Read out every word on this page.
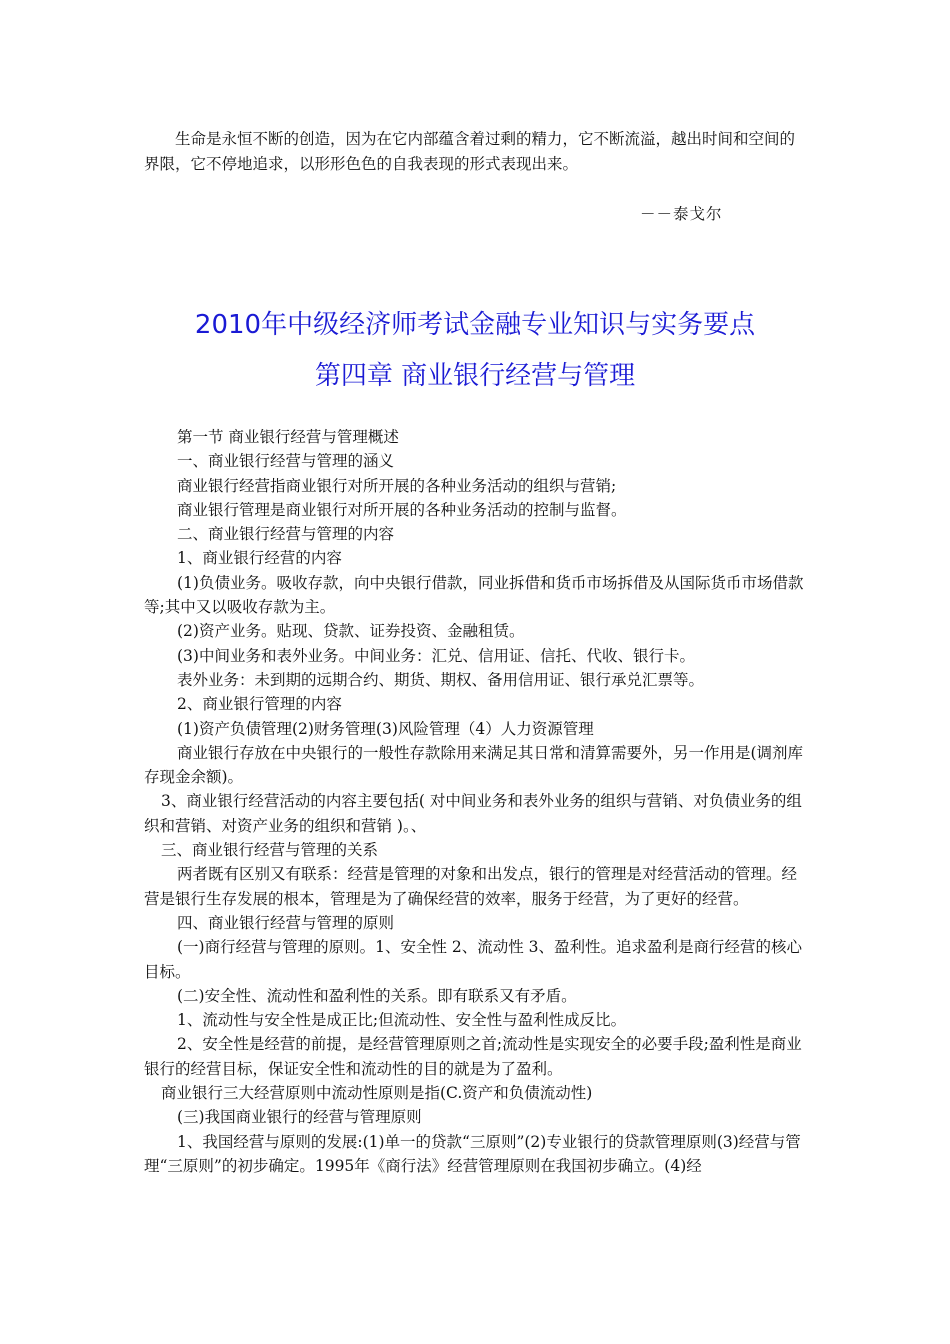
生命是永恒不断的创造，因为在它内部蕴含着过剩的精力，它不断流溢，越出时间和空间的界限，它不停地追求，以形形色色的自我表现的形式表现出来。
－－泰戈尔
2010年中级经济师考试金融专业知识与实务要点
第四章 商业银行经营与管理

第一节 商业银行经营与管理概述

一、商业银行经营与管理的涵义

商业银行经营指商业银行对所开展的各种业务活动的组织与营销;

商业银行管理是商业银行对所开展的各种业务活动的控制与监督。

二、商业银行经营与管理的内容

1、商业银行经营的内容

(1)负债业务。吸收存款，向中央银行借款，同业拆借和货币市场拆借及从国际货币市场借款等;其中又以吸收存款为主。

(2)资产业务。贴现、贷款、证券投资、金融租赁。

(3)中间业务和表外业务。中间业务：汇兑、信用证、信托、代收、银行卡。

表外业务：未到期的远期合约、期货、期权、备用信用证、银行承兑汇票等。

2、商业银行管理的内容

(1)资产负债管理(2)财务管理(3)风险管理（4）人力资源管理

商业银行存放在中央银行的一般性存款除用来满足其日常和清算需要外，另一作用是(调剂库存现金余额)。

3、商业银行经营活动的内容主要包括( 对中间业务和表外业务的组织与营销、对负债业务的组织和营销、对资产业务的组织和营销 )。、

三、商业银行经营与管理的关系

两者既有区别又有联系：经营是管理的对象和出发点，银行的管理是对经营活动的管理。经营是银行生存发展的根本，管理是为了确保经营的效率，服务于经营，为了更好的经营。

四、商业银行经营与管理的原则

(一)商行经营与管理的原则。1、安全性 2、流动性 3、盈利性。追求盈利是商行经营的核心目标。

(二)安全性、流动性和盈利性的关系。即有联系又有矛盾。

1、流动性与安全性是成正比;但流动性、安全性与盈利性成反比。

2、安全性是经营的前提，是经营管理原则之首;流动性是实现安全的必要手段;盈利性是商业银行的经营目标，保证安全性和流动性的目的就是为了盈利。

商业银行三大经营原则中流动性原则是指(C.资产和负债流动性)

(三)我国商业银行的经营与管理原则

1、我国经营与原则的发展:(1)单一的贷款“三原则”(2)专业银行的贷款管理原则(3)经营与管理“三原则”的初步确定。1995年《商行法》经营管理原则在我国初步确立。(4)经
